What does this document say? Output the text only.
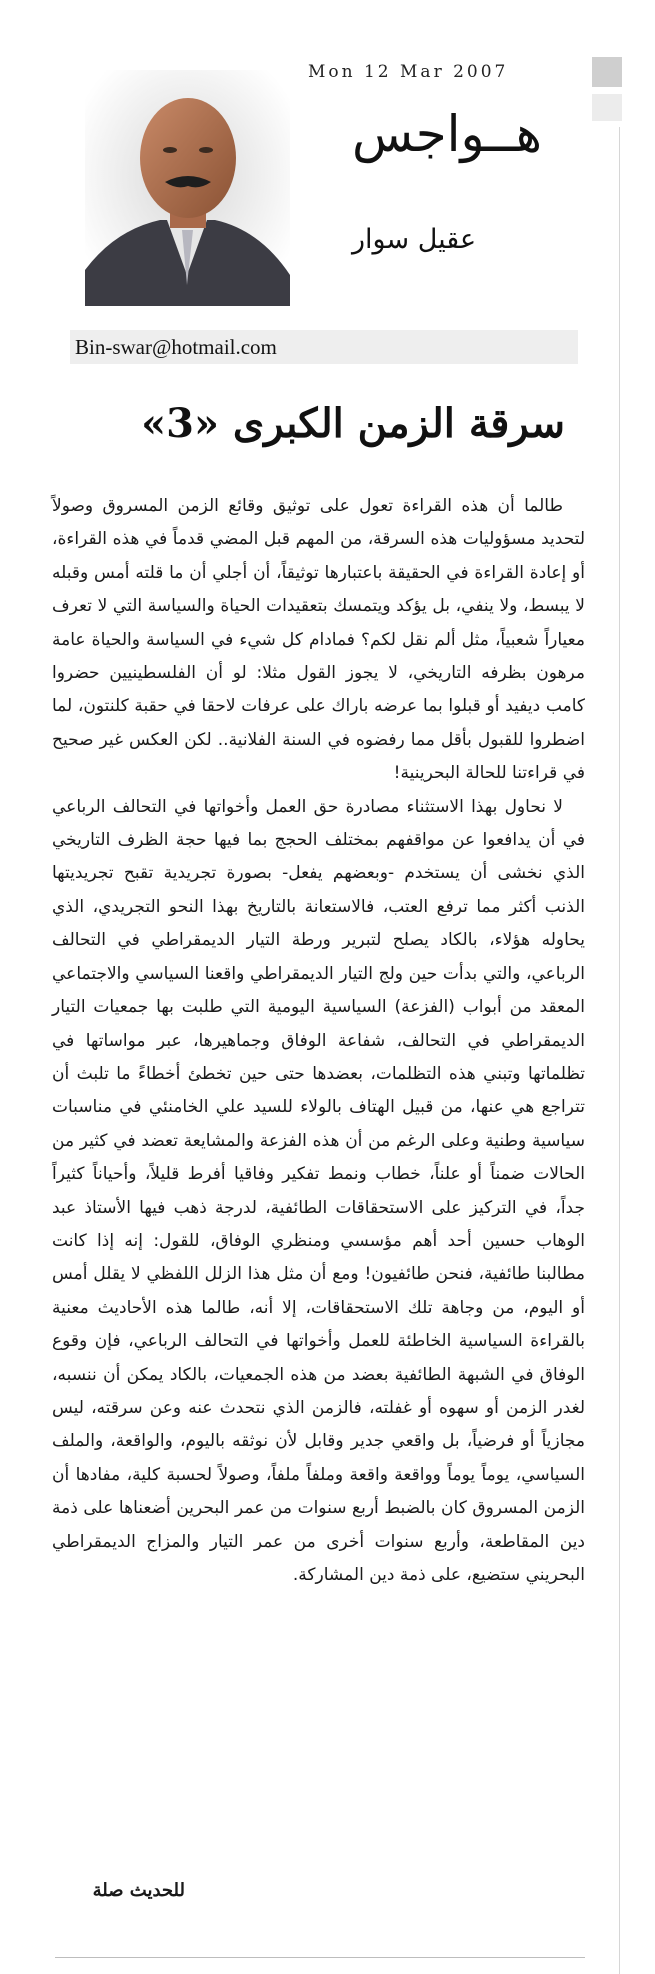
Mon 12 Mar 2007
هــواجس
عقيل سوار
Bin-swar@hotmail.com
سرقة الزمن الكبرى «3»

طالما أن هذه القراءة تعول على توثيق وقائع الزمن المسروق وصولاً لتحديد مسؤوليات هذه السرقة، من المهم قبل المضي قدماً في هذه القراءة، أو إعادة القراءة في الحقيقة باعتبارها توثيقاً، أن أجلي أن ما قلته أمس وقبله لا يبسط، ولا ينفي، بل يؤكد ويتمسك بتعقيدات الحياة والسياسة التي لا تعرف معياراً شعبياً، مثل ألم نقل لكم؟ فمادام كل شيء في السياسة والحياة عامة مرهون بظرفه التاريخي، لا يجوز القول مثلا: لو أن الفلسطينيين حضروا كامب ديفيد أو قبلوا بما عرضه باراك على عرفات لاحقا في حقبة كلنتون، لما اضطروا للقبول بأقل مما رفضوه في السنة الفلانية.. لكن العكس غير صحيح في قراءتنا للحالة البحرينية!

لا نحاول بهذا الاستثناء مصادرة حق العمل وأخواتها في التحالف الرباعي في أن يدافعوا عن مواقفهم بمختلف الحجج بما فيها حجة الظرف التاريخي الذي نخشى أن يستخدم -وبعضهم يفعل- بصورة تجريدية تقبح تجريديتها الذنب أكثر مما ترفع العتب، فالاستعانة بالتاريخ بهذا النحو التجريدي، الذي يحاوله هؤلاء، بالكاد يصلح لتبرير ورطة التيار الديمقراطي في التحالف الرباعي، والتي بدأت حين ولج التيار الديمقراطي واقعنا السياسي والاجتماعي المعقد من أبواب (الفزعة) السياسية اليومية التي طلبت بها جمعيات التيار الديمقراطي في التحالف، شفاعة الوفاق وجماهيرها، عبر مواساتها في تظلماتها وتبني هذه التظلمات، بعضدها حتى حين تخطئ أخطاءً ما تلبث أن تتراجع هي عنها، من قبيل الهتاف بالولاء للسيد علي الخامنئي في مناسبات سياسية وطنية وعلى الرغم من أن هذه الفزعة والمشايعة تعضد في كثير من الحالات ضمناً أو علناً، خطاب ونمط تفكير وفاقيا أفرط قليلاً، وأحياناً كثيراً جداً، في التركيز على الاستحقاقات الطائفية، لدرجة ذهب فيها الأستاذ عبد الوهاب حسين أحد أهم مؤسسي ومنظري الوفاق، للقول: إنه إذا كانت مطالبنا طائفية، فنحن طائفيون! ومع أن مثل هذا الزلل اللفظي لا يقلل أمس أو اليوم، من وجاهة تلك الاستحقاقات، إلا أنه، طالما هذه الأحاديث معنية بالقراءة السياسية الخاطئة للعمل وأخواتها في التحالف الرباعي، فإن وقوع الوفاق في الشبهة الطائفية بعضد من هذه الجمعيات، بالكاد يمكن أن ننسبه، لغدر الزمن أو سهوه أو غفلته، فالزمن الذي نتحدث عنه وعن سرقته، ليس مجازياً أو فرضياً، بل واقعي جدير وقابل لأن نوثقه باليوم، والواقعة، والملف السياسي، يوماً يوماً وواقعة واقعة وملفاً ملفاً، وصولاً لحسبة كلية، مفادها أن الزمن المسروق كان بالضبط أربع سنوات من عمر البحرين أضعناها على ذمة دين المقاطعة، وأربع سنوات أخرى من عمر التيار والمزاج الديمقراطي البحريني ستضيع، على ذمة دين المشاركة.

للحديث صلة
